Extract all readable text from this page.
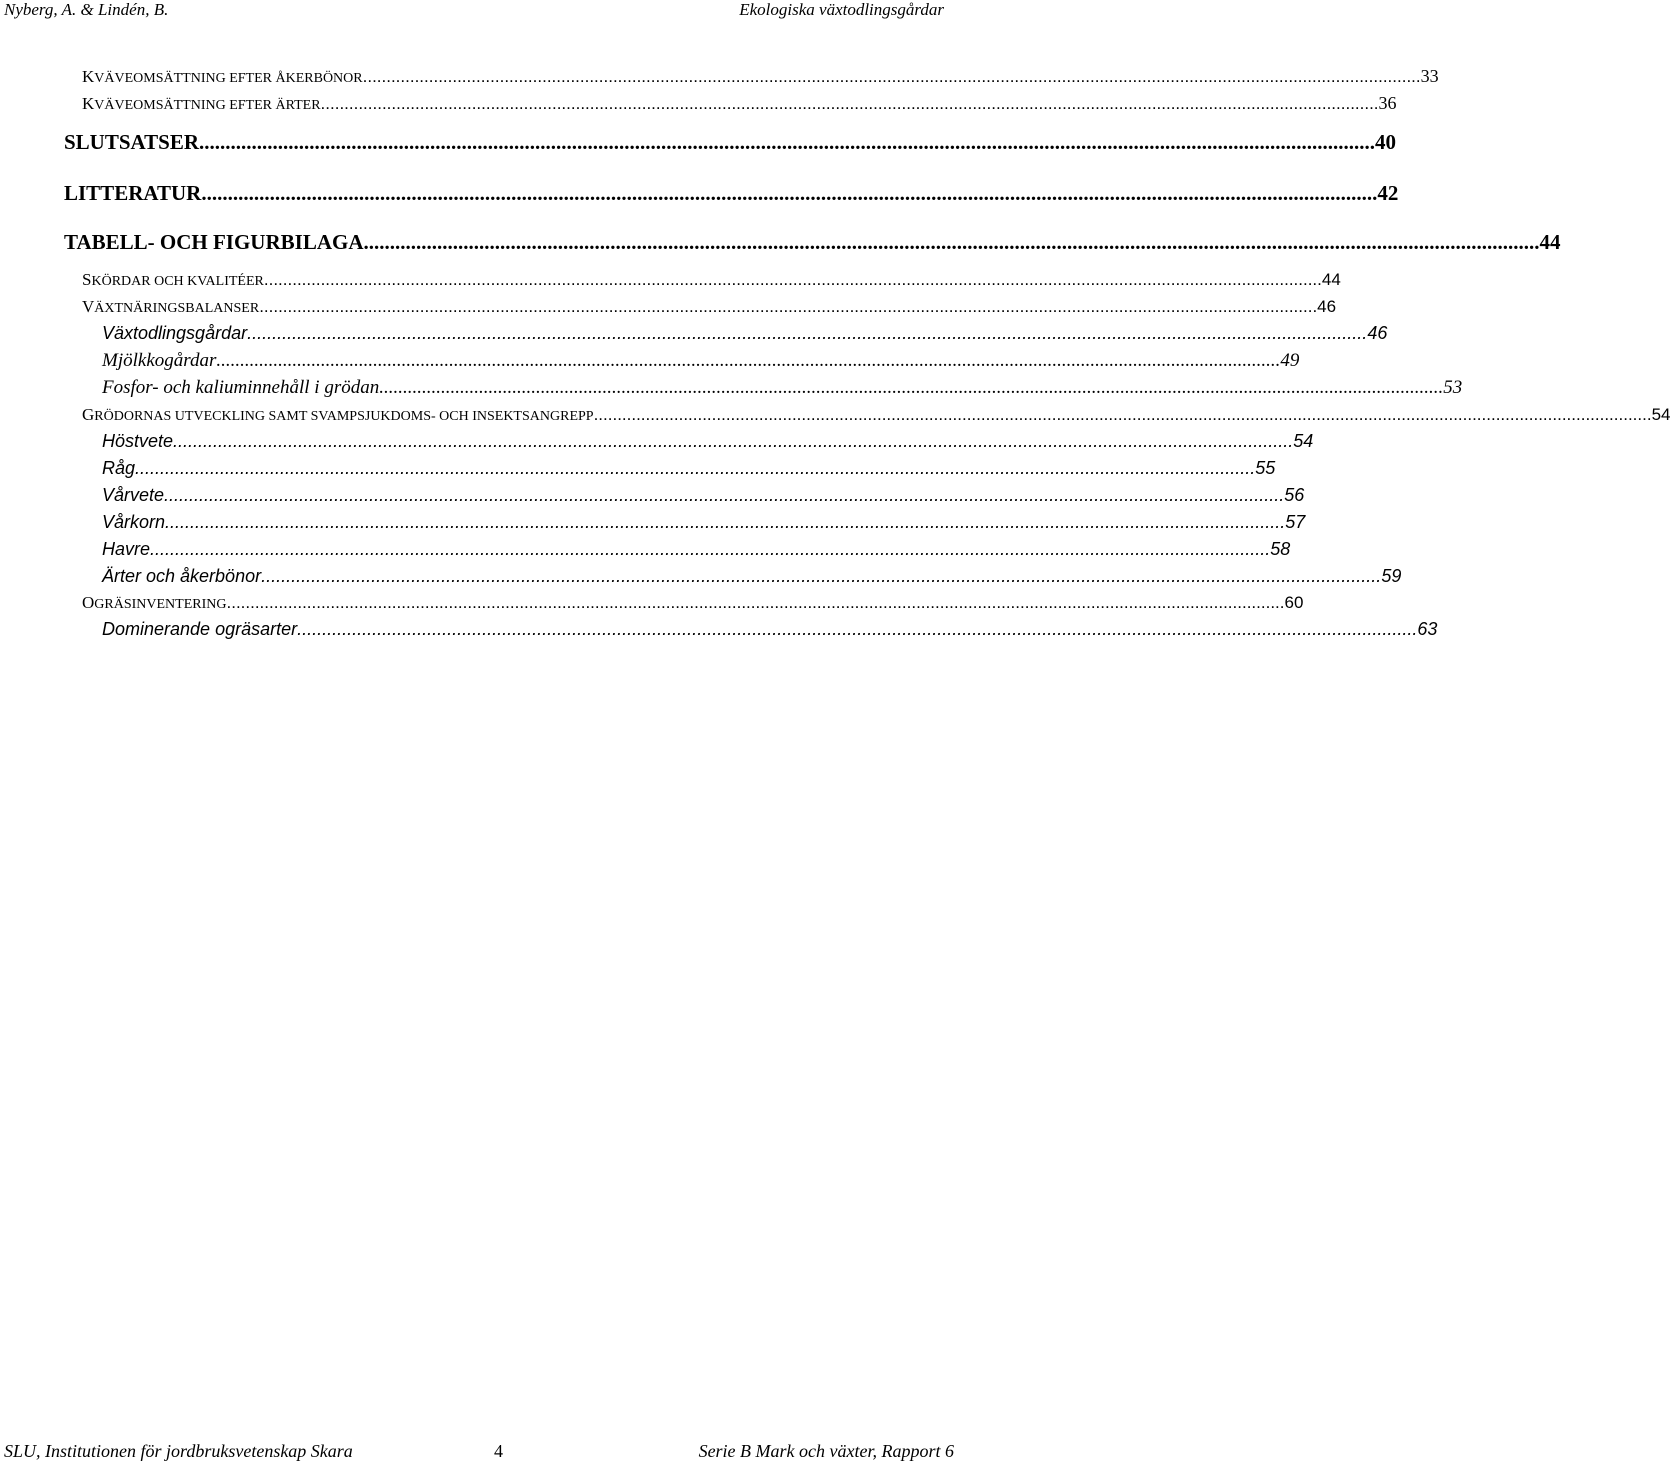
Nyberg, A. & Lindén, B.	Ekologiska växtodlingsgårdar
KVÄVEOMSÄTTNING EFTER ÅKERBÖNOR ................................................................................................................................................................................................................................ 33
KVÄVEOMSÄTTNING EFTER ÄRTER ................................................................................................................................................................................................................................ 36
SLUTSATSER ................................................................................................................................................................................................................................ 40
LITTERATUR ................................................................................................................................................................................................................................ 42
TABELL- OCH FIGURBILAGA ................................................................................................................................................................................................................................ 44
SKÖRDAR OCH KVALITÉER ................................................................................................................................................................................................................................ 44
VÄXTNÄRINGSBALANSER ................................................................................................................................................................................................................................ 46
Växtodlingsgårdar ................................................................................................................................................................................................................................ 46
Mjölkkogårdar ................................................................................................................................................................................................................................ 49
Fosfor- och kaliuminnehåll i grödan ................................................................................................................................................................................................................................ 53
GRÖDORNAS UTVECKLING SAMT SVAMPSJUKDOMS- OCH INSEKTSANGREPP ................................................................................................................................................................................................................................ 54
Höstvete ................................................................................................................................................................................................................................ 54
Råg ................................................................................................................................................................................................................................ 55
Vårvete ................................................................................................................................................................................................................................ 56
Vårkorn ................................................................................................................................................................................................................................ 57
Havre ................................................................................................................................................................................................................................ 58
Ärter och åkerbönor ................................................................................................................................................................................................................................ 59
OGRÄSINVENTERING ................................................................................................................................................................................................................................ 60
Dominerande ogräsarter ................................................................................................................................................................................................................................ 63
SLU, Institutionen för jordbruksvetenskap Skara	4	Serie B Mark och växter, Rapport 6
